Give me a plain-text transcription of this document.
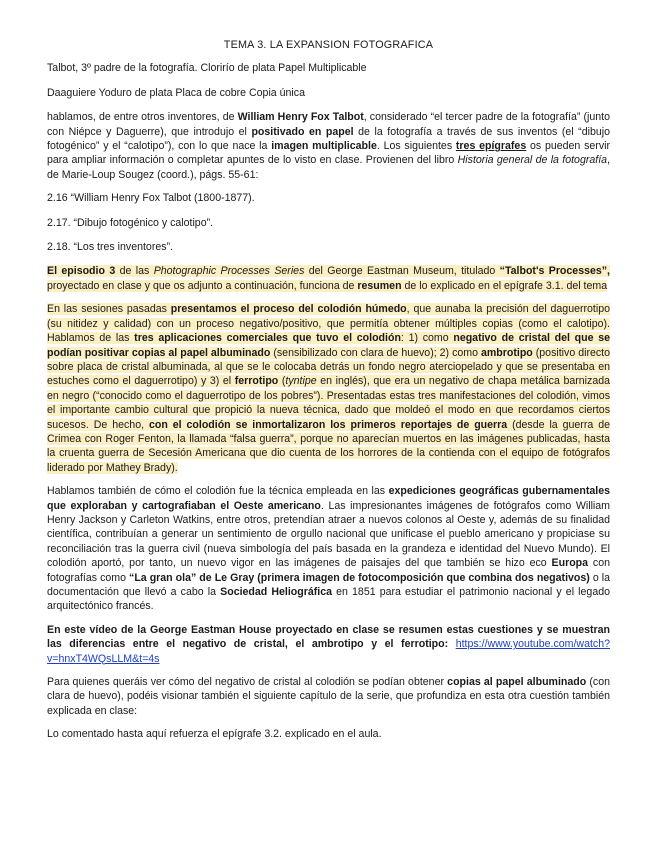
TEMA 3. LA EXPANSION FOTOGRAFICA

Talbot, 3º padre de la fotografía. Clorirío de plata Papel Multiplicable

Daaguiere Yoduro de plata Placa de cobre Copia única

hablamos, de entre otros inventores, de William Henry Fox Talbot, considerado “el tercer padre de la fotografía” (junto con Niépce y Daguerre), que introdujo el positivado en papel de la fotografía a través de sus inventos (el “dibujo fotogénico” y el “calotipo”), con lo que nace la imagen multiplicable. Los siguientes tres epígrafes os pueden servir para ampliar información o completar apuntes de lo visto en clase. Provienen del libro Historia general de la fotografía, de Marie-Loup Sougez (coord.), págs. 55-61:

2.16 “William Henry Fox Talbot (1800-1877).

2.17. “Dibujo fotogénico y calotipo”.

2.18. “Los tres inventores”.

El episodio 3 de las Photographic Processes Series del George Eastman Museum, titulado “Talbot's Processes”, proyectado en clase y que os adjunto a continuación, funciona de resumen de lo explicado en el epígrafe 3.1. del tema

En las sesiones pasadas presentamos el proceso del colodión húmedo, que aunaba la precisión del daguerrotipo (su nitidez y calidad) con un proceso negativo/positivo, que permitía obtener múltiples copias (como el calotipo). Hablamos de las tres aplicaciones comerciales que tuvo el colodión: 1) como negativo de cristal del que se podían positivar copias al papel albuminado (sensibilizado con clara de huevo); 2) como ambrotipo (positivo directo sobre placa de cristal albuminada, al que se le colocaba detrás un fondo negro aterciopelado y que se presentaba en estuches como el daguerrotipo) y 3) el ferrotipo (tyntipe en inglés), que era un negativo de chapa metálica barnizada en negro (“conocido como el daguerrotipo de los pobres”). Presentadas estas tres manifestaciones del colodión, vimos el importante cambio cultural que propició la nueva técnica, dado que moldeó el modo en que recordamos ciertos sucesos. De hecho, con el colodión se inmortalizaron los primeros reportajes de guerra (desde la guerra de Crimea con Roger Fenton, la llamada “falsa guerra”, porque no aparecían muertos en las imágenes publicadas, hasta la cruenta guerra de Secesión Americana que dio cuenta de los horrores de la contienda con el equipo de fotógrafos liderado por Mathey Brady).

Hablamos también de cómo el colodión fue la técnica empleada en las expediciones geográficas gubernamentales que exploraban y cartografiaban el Oeste americano. Las impresionantes imágenes de fotógrafos como William Henry Jackson y Carleton Watkins, entre otros, pretendían atraer a nuevos colonos al Oeste y, además de su finalidad científica, contribuían a generar un sentimiento de orgullo nacional que unificase el pueblo americano y propiciase su reconciliación tras la guerra civil (nueva simbología del país basada en la grandeza e identidad del Nuevo Mundo). El colodión aportó, por tanto, un nuevo vigor en las imágenes de paisajes del que también se hizo eco Europa con fotografías como “La gran ola” de Le Gray (primera imagen de fotocomposición que combina dos negativos) o la documentación que llevó a cabo la Sociedad Heliográfica en 1851 para estudiar el patrimonio nacional y el legado arquitectónico francés.

En este vídeo de la George Eastman House proyectado en clase se resumen estas cuestiones y se muestran las diferencias entre el negativo de cristal, el ambrotipo y el ferrotipo: https://www.youtube.com/watch?v=hnxT4WQsLLM&t=4s

Para quienes queráis ver cómo del negativo de cristal al colodión se podían obtener copias al papel albuminado (con clara de huevo), podéis visionar también el siguiente capítulo de la serie, que profundiza en esta otra cuestión también explicada en clase:

Lo comentado hasta aquí refuerza el epígrafe 3.2. explicado en el aula.
